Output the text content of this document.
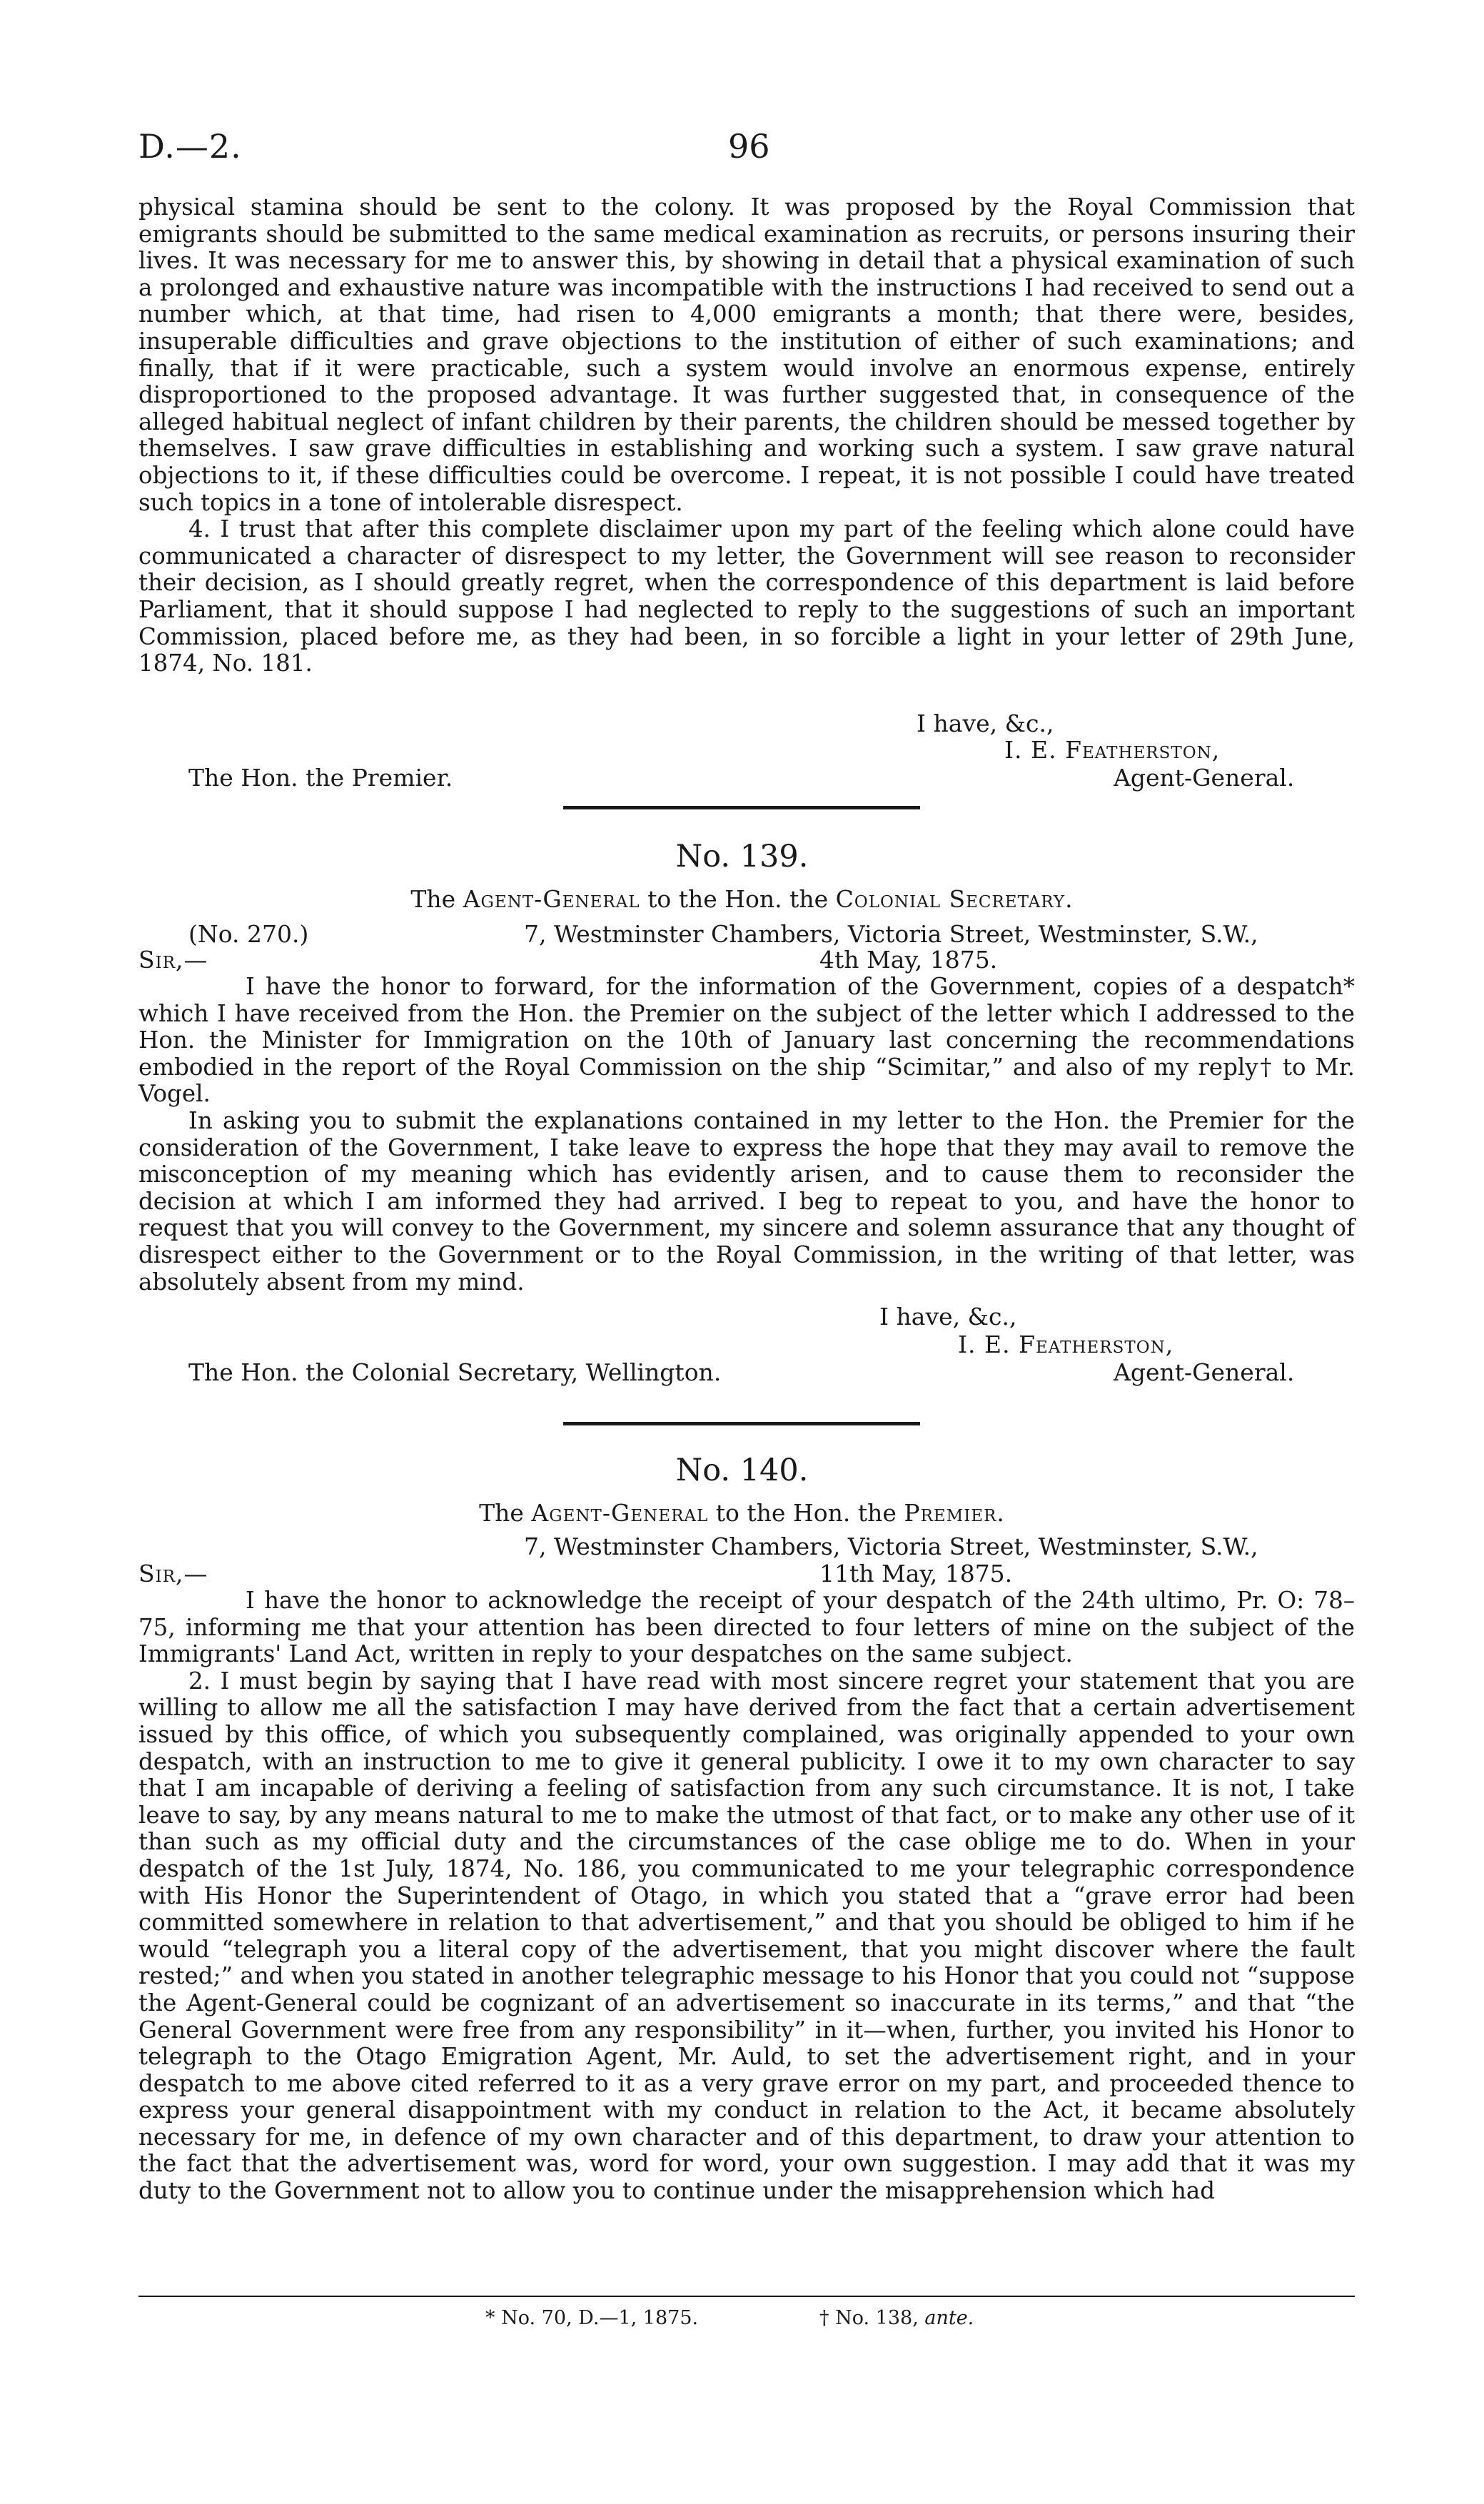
D.—2.	96

physical stamina should be sent to the colony. It was proposed by the Royal Commission that emigrants should be submitted to the same medical examination as recruits, or persons insuring their lives. It was necessary for me to answer this, by showing in detail that a physical examination of such a prolonged and exhaustive nature was incompatible with the instructions I had received to send out a number which, at that time, had risen to 4,000 emigrants a month; that there were, besides, insuperable difficulties and grave objections to the institution of either of such examinations; and finally, that if it were practicable, such a system would involve an enormous expense, entirely disproportioned to the proposed advantage. It was further suggested that, in consequence of the alleged habitual neglect of infant children by their parents, the children should be messed together by themselves. I saw grave difficulties in establishing and working such a system. I saw grave natural objections to it, if these difficulties could be overcome. I repeat, it is not possible I could have treated such topics in a tone of intolerable disrespect.

4. I trust that after this complete disclaimer upon my part of the feeling which alone could have communicated a character of disrespect to my letter, the Government will see reason to reconsider their decision, as I should greatly regret, when the correspondence of this department is laid before Parliament, that it should suppose I had neglected to reply to the suggestions of such an important Commission, placed before me, as they had been, in so forcible a light in your letter of 29th June, 1874, No. 181.

I have, &c.,
I. E. Featherston,
The Hon. the Premier.	Agent-General.
No. 139.
The Agent-General to the Hon. the Colonial Secretary.
(No. 270.)	7, Westminster Chambers, Victoria Street, Westminster, S.W.,
Sir,—	4th May, 1875.

I have the honor to forward, for the information of the Government, copies of a despatch* which I have received from the Hon. the Premier on the subject of the letter which I addressed to the Hon. the Minister for Immigration on the 10th of January last concerning the recommendations embodied in the report of the Royal Commission on the ship “Scimitar,” and also of my reply† to Mr. Vogel.

In asking you to submit the explanations contained in my letter to the Hon. the Premier for the consideration of the Government, I take leave to express the hope that they may avail to remove the misconception of my meaning which has evidently arisen, and to cause them to reconsider the decision at which I am informed they had arrived. I beg to repeat to you, and have the honor to request that you will convey to the Government, my sincere and solemn assurance that any thought of disrespect either to the Government or to the Royal Commission, in the writing of that letter, was absolutely absent from my mind.

I have, &c.,
I. E. Featherston,
The Hon. the Colonial Secretary, Wellington.	Agent-General.
No. 140.
The Agent-General to the Hon. the Premier.
7, Westminster Chambers, Victoria Street, Westminster, S.W.,
Sir,—	11th May, 1875.

I have the honor to acknowledge the receipt of your despatch of the 24th ultimo, Pr. O: 78–75, informing me that your attention has been directed to four letters of mine on the subject of the Immigrants' Land Act, written in reply to your despatches on the same subject.

2. I must begin by saying that I have read with most sincere regret your statement that you are willing to allow me all the satisfaction I may have derived from the fact that a certain advertisement issued by this office, of which you subsequently complained, was originally appended to your own despatch, with an instruction to me to give it general publicity. I owe it to my own character to say that I am incapable of deriving a feeling of satisfaction from any such circumstance. It is not, I take leave to say, by any means natural to me to make the utmost of that fact, or to make any other use of it than such as my official duty and the circumstances of the case oblige me to do. When in your despatch of the 1st July, 1874, No. 186, you communicated to me your telegraphic correspondence with His Honor the Superintendent of Otago, in which you stated that a “grave error had been committed somewhere in relation to that advertisement,” and that you should be obliged to him if he would “telegraph you a literal copy of the advertisement, that you might discover where the fault rested;” and when you stated in another telegraphic message to his Honor that you could not “suppose the Agent-General could be cognizant of an advertisement so inaccurate in its terms,” and that “the General Government were free from any responsibility” in it—when, further, you invited his Honor to telegraph to the Otago Emigration Agent, Mr. Auld, to set the advertisement right, and in your despatch to me above cited referred to it as a very grave error on my part, and proceeded thence to express your general disappointment with my conduct in relation to the Act, it became absolutely necessary for me, in defence of my own character and of this department, to draw your attention to the fact that the advertisement was, word for word, your own suggestion. I may add that it was my duty to the Government not to allow you to continue under the misapprehension which had

* No. 70, D.—1, 1875.	† No. 138, ante.
